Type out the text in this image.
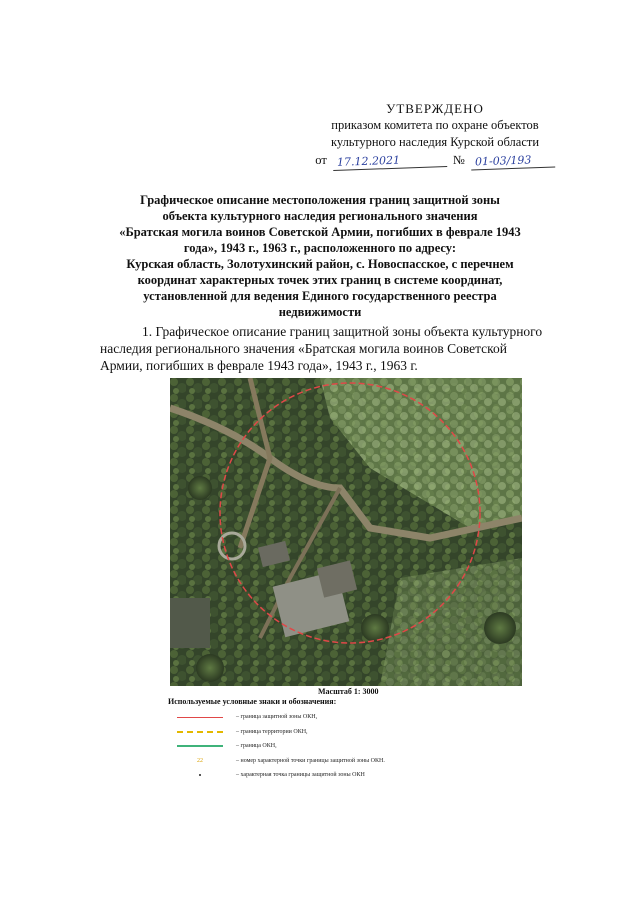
УТВЕРЖДЕНО
приказом комитета по охране объектов
культурного наследия Курской области
от 17.12.2021	№ 01-03/193
Графическое описание местоположения границ защитной зоны
объекта культурного наследия регионального значения
«Братская могила воинов Советской Армии, погибших в феврале 1943
года», 1943 г., 1963 г., расположенного по адресу:
Курская область, Золотухинский район, с. Новоспасское, с перечнем
координат характерных точек этих границ в системе координат,
установленной для ведения Единого государственного реестра
недвижимости
1. Графическое описание границ защитной зоны объекта культурного
наследия регионального значения «Братская могила воинов Советской
Армии, погибших в феврале 1943 года», 1943 г., 1963 г.
Масштаб 1: 3000
Используемые условные знаки и обозначения:
– граница защитной зоны ОКН,
– граница территории ОКН,
– граница ОКН,
22	– номер характерной точки границы защитной зоны ОКН.
– характерная точка границы защитной зоны ОКН
